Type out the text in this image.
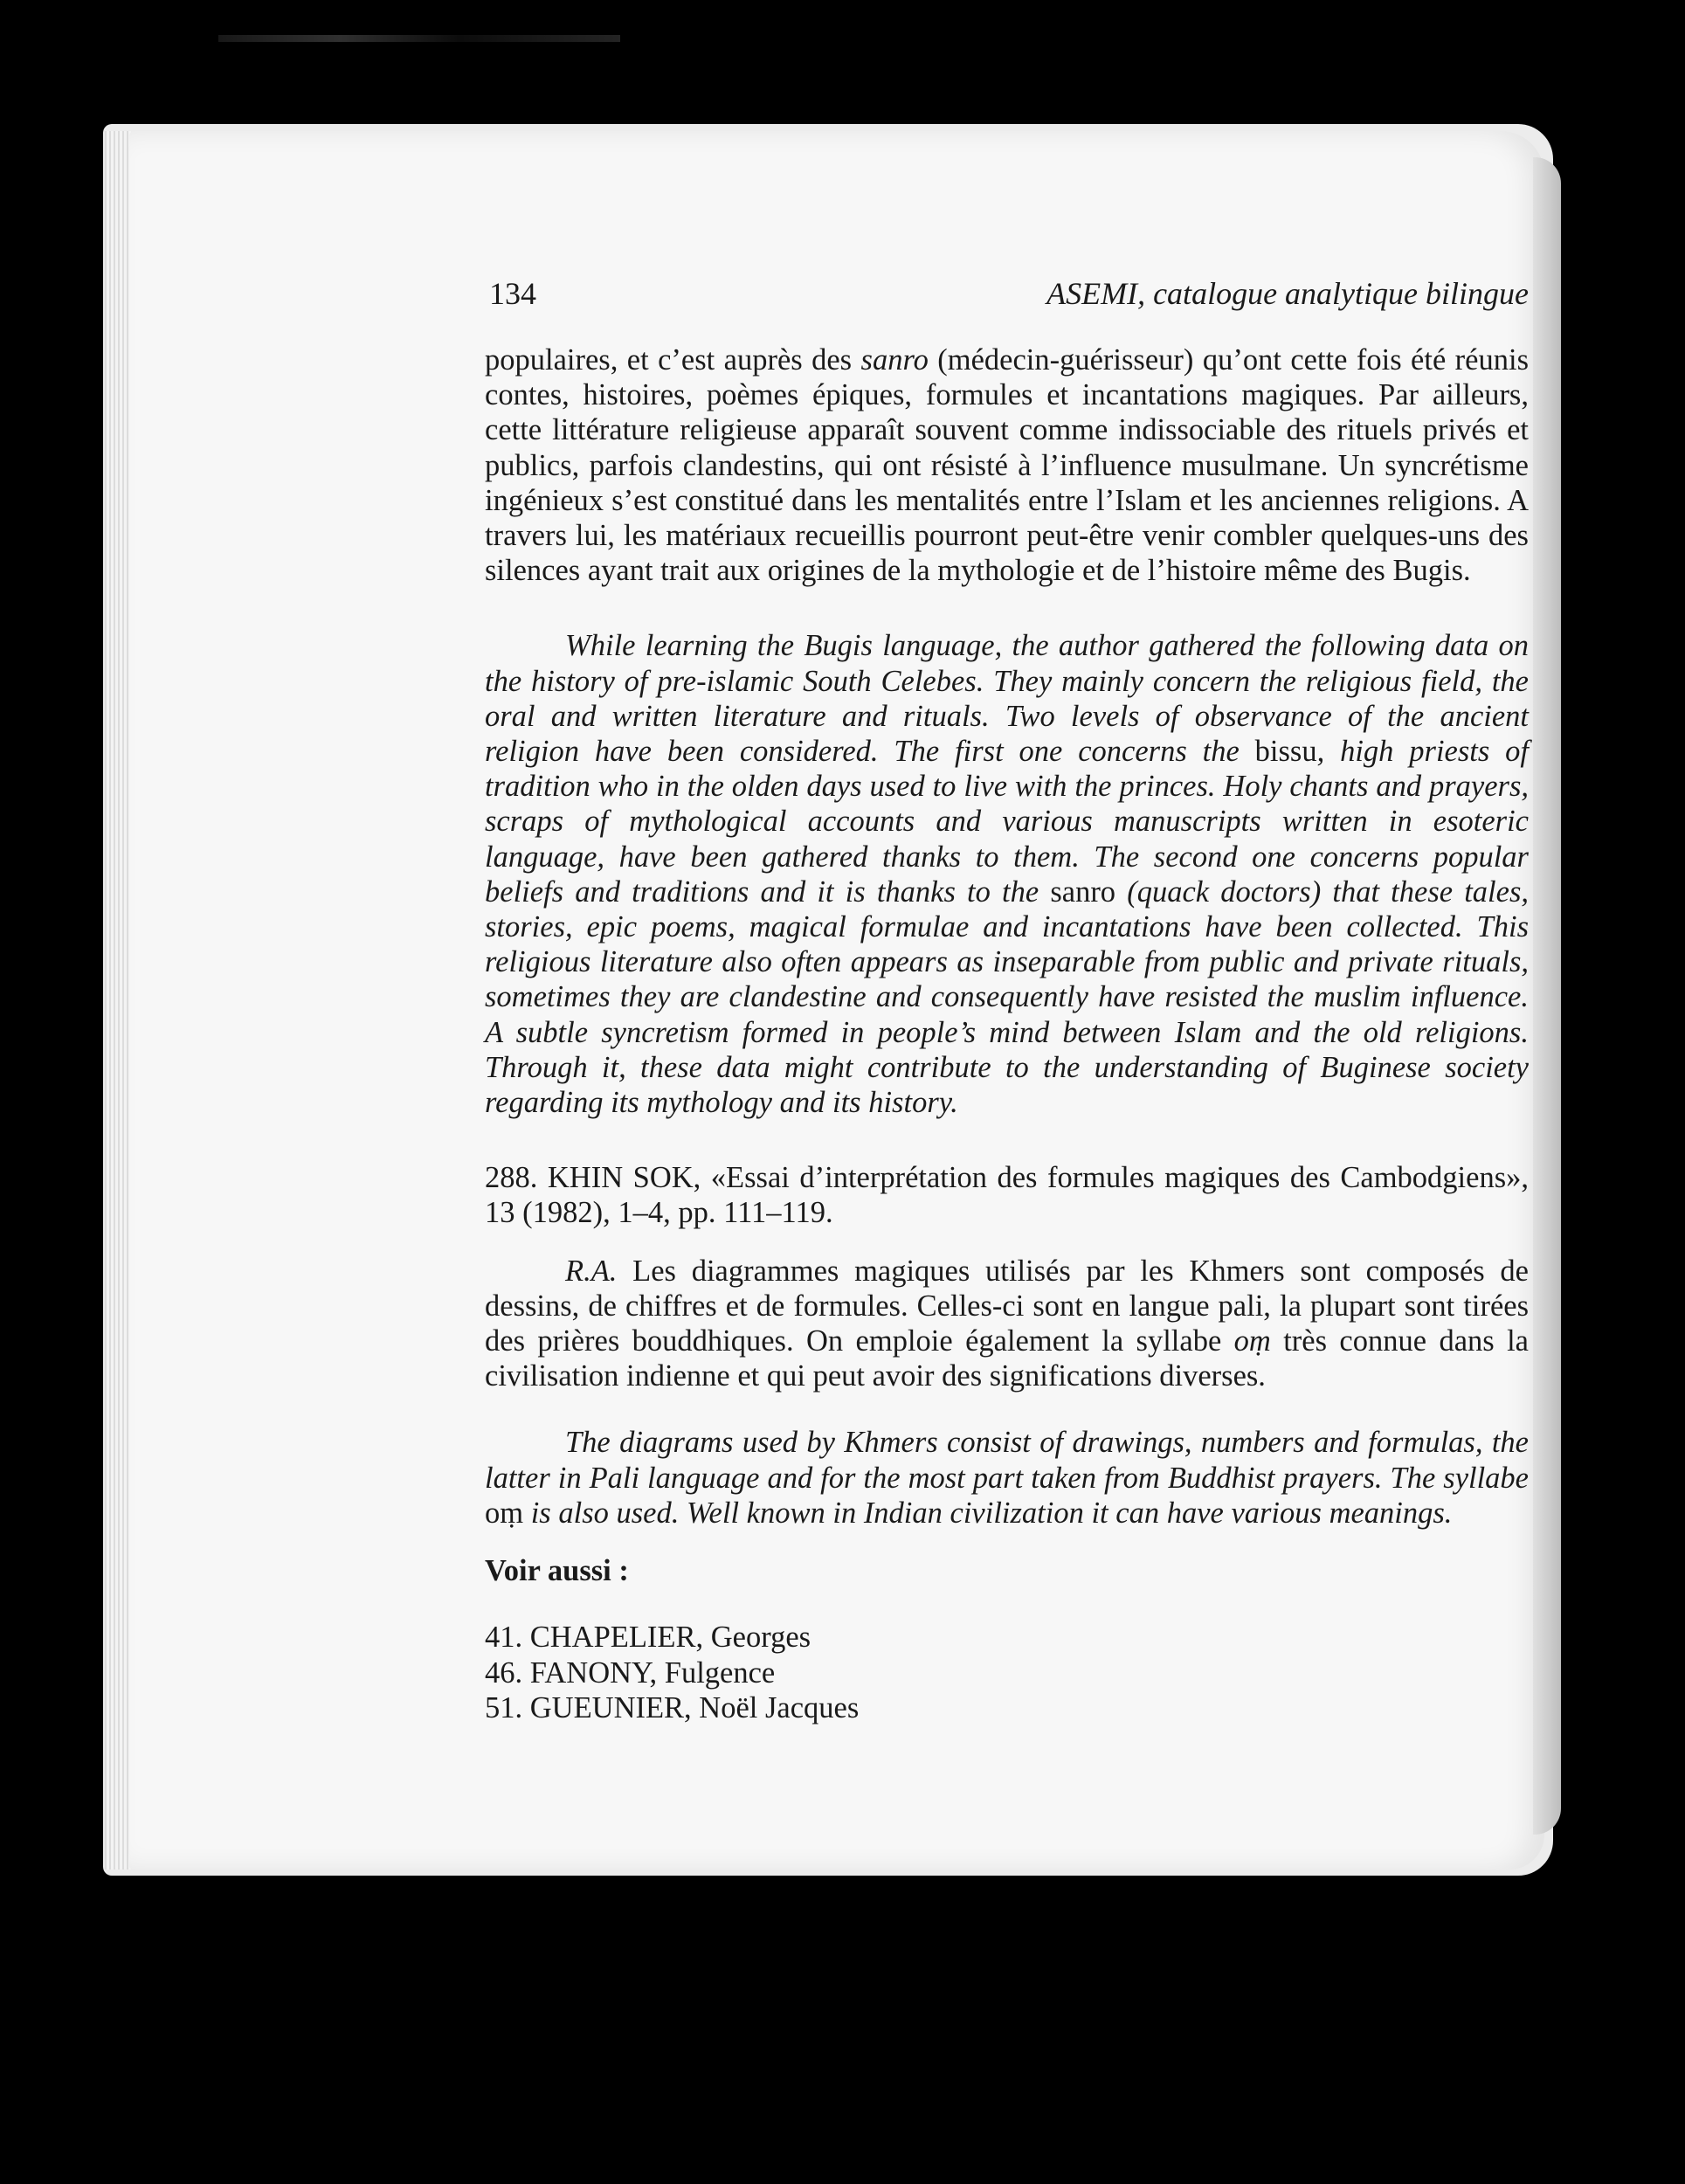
134	ASEMI, catalogue analytique bilingue

populaires, et c’est auprès des sanro (médecin-guérisseur) qu’ont cette fois été réunis contes, histoires, poèmes épiques, formules et incantations magiques. Par ailleurs, cette littérature religieuse apparaît souvent comme indissociable des rituels privés et publics, parfois clandestins, qui ont résisté à l’influence musulmane. Un syncrétisme ingénieux s’est constitué dans les mentalités entre l’Islam et les anciennes religions. A travers lui, les matériaux recueillis pourront peut-être venir combler quelques-uns des silences ayant trait aux origines de la mythologie et de l’histoire même des Bugis.

While learning the Bugis language, the author gathered the following data on the history of pre-islamic South Celebes. They mainly concern the religious field, the oral and written literature and rituals. Two levels of observance of the ancient religion have been considered. The first one concerns the bissu, high priests of tradition who in the olden days used to live with the princes. Holy chants and prayers, scraps of mythological accounts and various manuscripts written in esoteric language, have been gathered thanks to them. The second one concerns popular beliefs and traditions and it is thanks to the sanro (quack doctors) that these tales, stories, epic poems, magical formulae and incantations have been collected. This religious literature also often appears as inseparable from public and private rituals, sometimes they are clandestine and consequently have resisted the muslim influence. A subtle syncretism formed in people’s mind between Islam and the old religions. Through it, these data might contribute to the understanding of Buginese society regarding its mythology and its history.

288. KHIN SOK, «Essai d’interprétation des formules magiques des Cambodgiens», 13 (1982), 1–4, pp. 111–119.

R.A. Les diagrammes magiques utilisés par les Khmers sont composés de dessins, de chiffres et de formules. Celles-ci sont en langue pali, la plupart sont tirées des prières bouddhiques. On emploie également la syllabe oṃ très connue dans la civilisation indienne et qui peut avoir des significations diverses.

The diagrams used by Khmers consist of drawings, numbers and formulas, the latter in Pali language and for the most part taken from Buddhist prayers. The syllabe oṃ is also used. Well known in Indian civilization it can have various meanings.

Voir aussi :

41. CHAPELIER, Georges
46. FANONY, Fulgence
51. GUEUNIER, Noël Jacques
